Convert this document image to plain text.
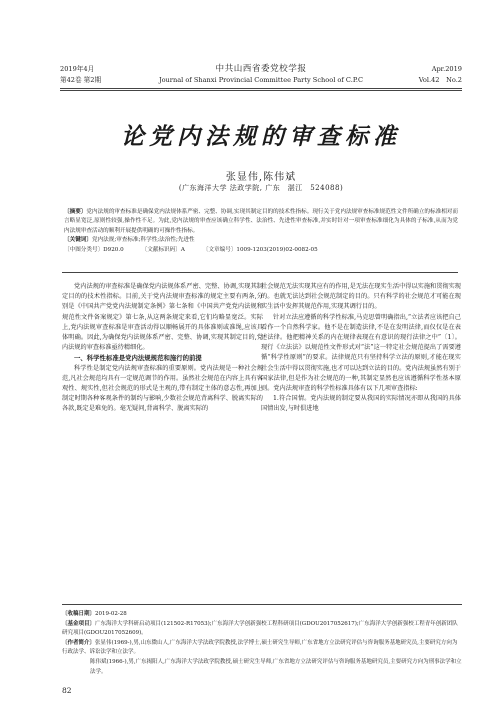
2019年4月
第42卷 第2期
中共山西省委党校学报
Journal of Shanxi Provincial Committee Party School of C.P.C
Apr.2019
Vol.42　No.2
论党内法规的审查标准
张显伟,陈伟斌
(广东海洋大学 法政学院, 广东　湛江　524088)

〔摘要〕党内法规的审查标准是确保党内法规体系严密、完整、协调,实现其制定目的的技术性指标。现行关于党内法规审查标准规范性文件所确立的标准相对而言略显宽泛,原则性较强,操作性不足。为此,党内法规的审查应该确立科学性、法治性、先进性审查标准,并实时针对一项审查标准细化为具体的子标准,从而为党内法规审查活动的顺利开展提供明确的可操作性指标。

〔关键词〕党内法规;审查标准;科学性;法治性;先进性

〔中图分类号〕D920.0	〔文献标识码〕A	〔文章编号〕1009-1203(2019)02-0082-05

党内法规的审查标准是确保党内法规体系严密、完整、协调,实现其制定目的的技术性指标。目前,关于党内法规审查标准的规定主要有两条,分别是《中国共产党党内法规制定条例》第七条和《中国共产党党内法规和规范性文件备案规定》第七条,从这两条规定来看,它们均略显宽泛。实际上,党内法规审查标准是审查活动得以顺畅展开的具体准则或准绳,应该具体明确。因此,为确保党内法规体系严密、完整、协调,实现其制定目的,党内法规的审查标准亟待精细化。

一、科学性标准是党内法规规范和施行的前提

科学性是制定党内法规审查标准的重要原则。党内法规是一种社会规范,凡社会规范均具有一定规范调节的作用。虽然社会规范在内容上具有客观性、规实性,但社会规范的形式是主观的,带有制定主体的意志性,再加上制定时期各种客观条件的制约与影响,少数社会规范背离科学、脱离实际的各款,既定是难免的。毫无疑问,背离科学、脱离实际的

社会规范无法实现其应有的作用,是无法在现实生活中得以实施和贯彻实现的。也就无法达到社会规范制定的目的。只有科学的社会规范才可能在现实生活中发挥其规范作用,实现其调行目的。

针对立法应遵循的科学性标准,马克思曾明确指出,“立法者应该把自己看作一个自然科学家。他不是在制造法律,不是在发明法律,而仅仅是在表述法律。他把精神关系的内在规律表现在有意识的现行法律之中”〔1〕。现行《立法法》以规范性文件形式对“法”这一特定社会规范提出了需要遵循“科学性原则”的要求。法律规范只有坚持科学立法的原则,才能在现实社会生活中得以贯彻实施,也才可以达到立法的目的。党内法规虽然有别于国家法律,但是作为社会规范的一种,其制定显然也应该遵循科学性基本原则。党内法规审查的科学性标准具体有以下几项审查指标:

1.符合国情。党内法规的制定要从我国的实际情况亦即从我国的具体国情出发,与时俱进地

〔收稿日期〕2019-02-28

〔基金项目〕广东海洋大学科研启动项目(121502-R17053);广东海洋大学创新强校工程科研项目(GDOU2017052617);广东海洋大学创新强校工程青年创新团队研究项目(GDOU2017052609)。

〔作者简介〕张显伟(1969-),男,山东微山人,广东海洋大学法政学院教授,法学博士,硕士研究生导师,广东省地方立法研究评估与咨询服务基地研究员,主要研究方向为行政法学、诉讼法学和立法学。

陈伟斌(1966-),男,广东揭阳人,广东海洋大学法政学院教授,硕士研究生导师,广东省地方立法研究评估与咨询服务基地研究员,主要研究方向为刑事法学和立法学。

82
